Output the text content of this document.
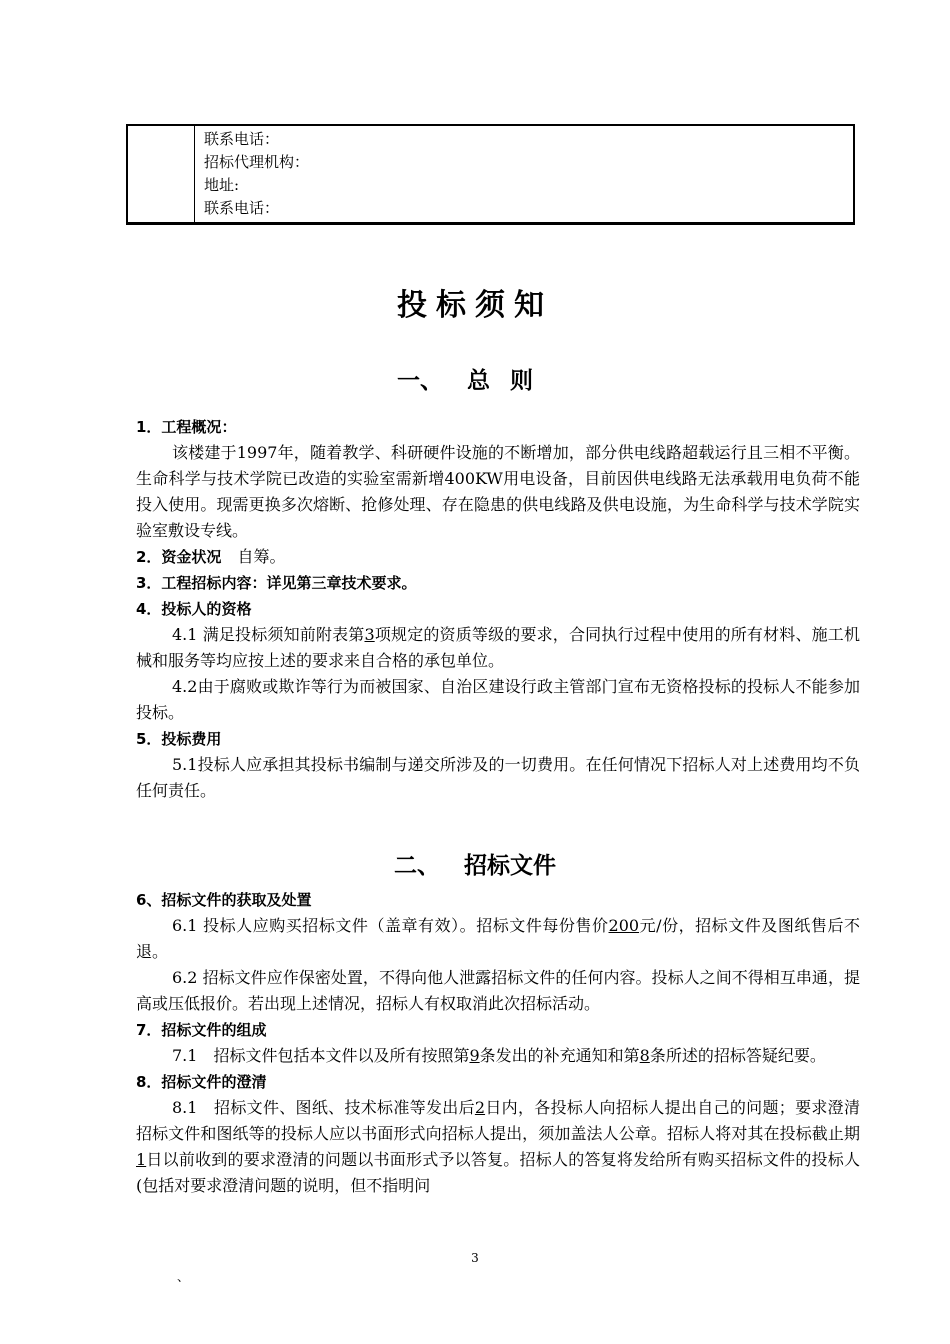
联系电话：
招标代理机构：
地址:
联系电话：
投标须知
一、 总则
1．工程概况：
该楼建于1997年，随着教学、科研硬件设施的不断增加，部分供电线路超载运行且三相不平衡。生命科学与技术学院已改造的实验室需新增400KW用电设备，目前因供电线路无法承载用电负荷不能投入使用。现需更换多次熔断、抢修处理、存在隐患的供电线路及供电设施，为生命科学与技术学院实验室敷设专线。
2．资金状况　 自筹。
3．工程招标内容：详见第三章技术要求。
4．投标人的资格
4.1 满足投标须知前附表第3项规定的资质等级的要求，合同执行过程中使用的所有材料、施工机械和服务等均应按上述的要求来自合格的承包单位。
4.2由于腐败或欺诈等行为而被国家、自治区建设行政主管部门宣布无资格投标的投标人不能参加投标。
5．投标费用
5.1投标人应承担其投标书编制与递交所涉及的一切费用。在任何情况下招标人对上述费用均不负任何责任。
二、 招标文件
6、招标文件的获取及处置
6.1 投标人应购买招标文件（盖章有效）。招标文件每份售价200元/份，招标文件及图纸售后不退。
6.2 招标文件应作保密处置，不得向他人泄露招标文件的任何内容。投标人之间不得相互串通，提高或压低报价。若出现上述情况，招标人有权取消此次招标活动。
7．招标文件的组成
7.1　招标文件包括本文件以及所有按照第9条发出的补充通知和第8条所述的招标答疑纪要。
8．招标文件的澄清
8.1　招标文件、图纸、技术标准等发出后2日内，各投标人向招标人提出自己的问题；要求澄清招标文件和图纸等的投标人应以书面形式向招标人提出，须加盖法人公章。招标人将对其在投标截止期1日以前收到的要求澄清的问题以书面形式予以答复。招标人的答复将发给所有购买招标文件的投标人(包括对要求澄清问题的说明，但不指明问
3
、
